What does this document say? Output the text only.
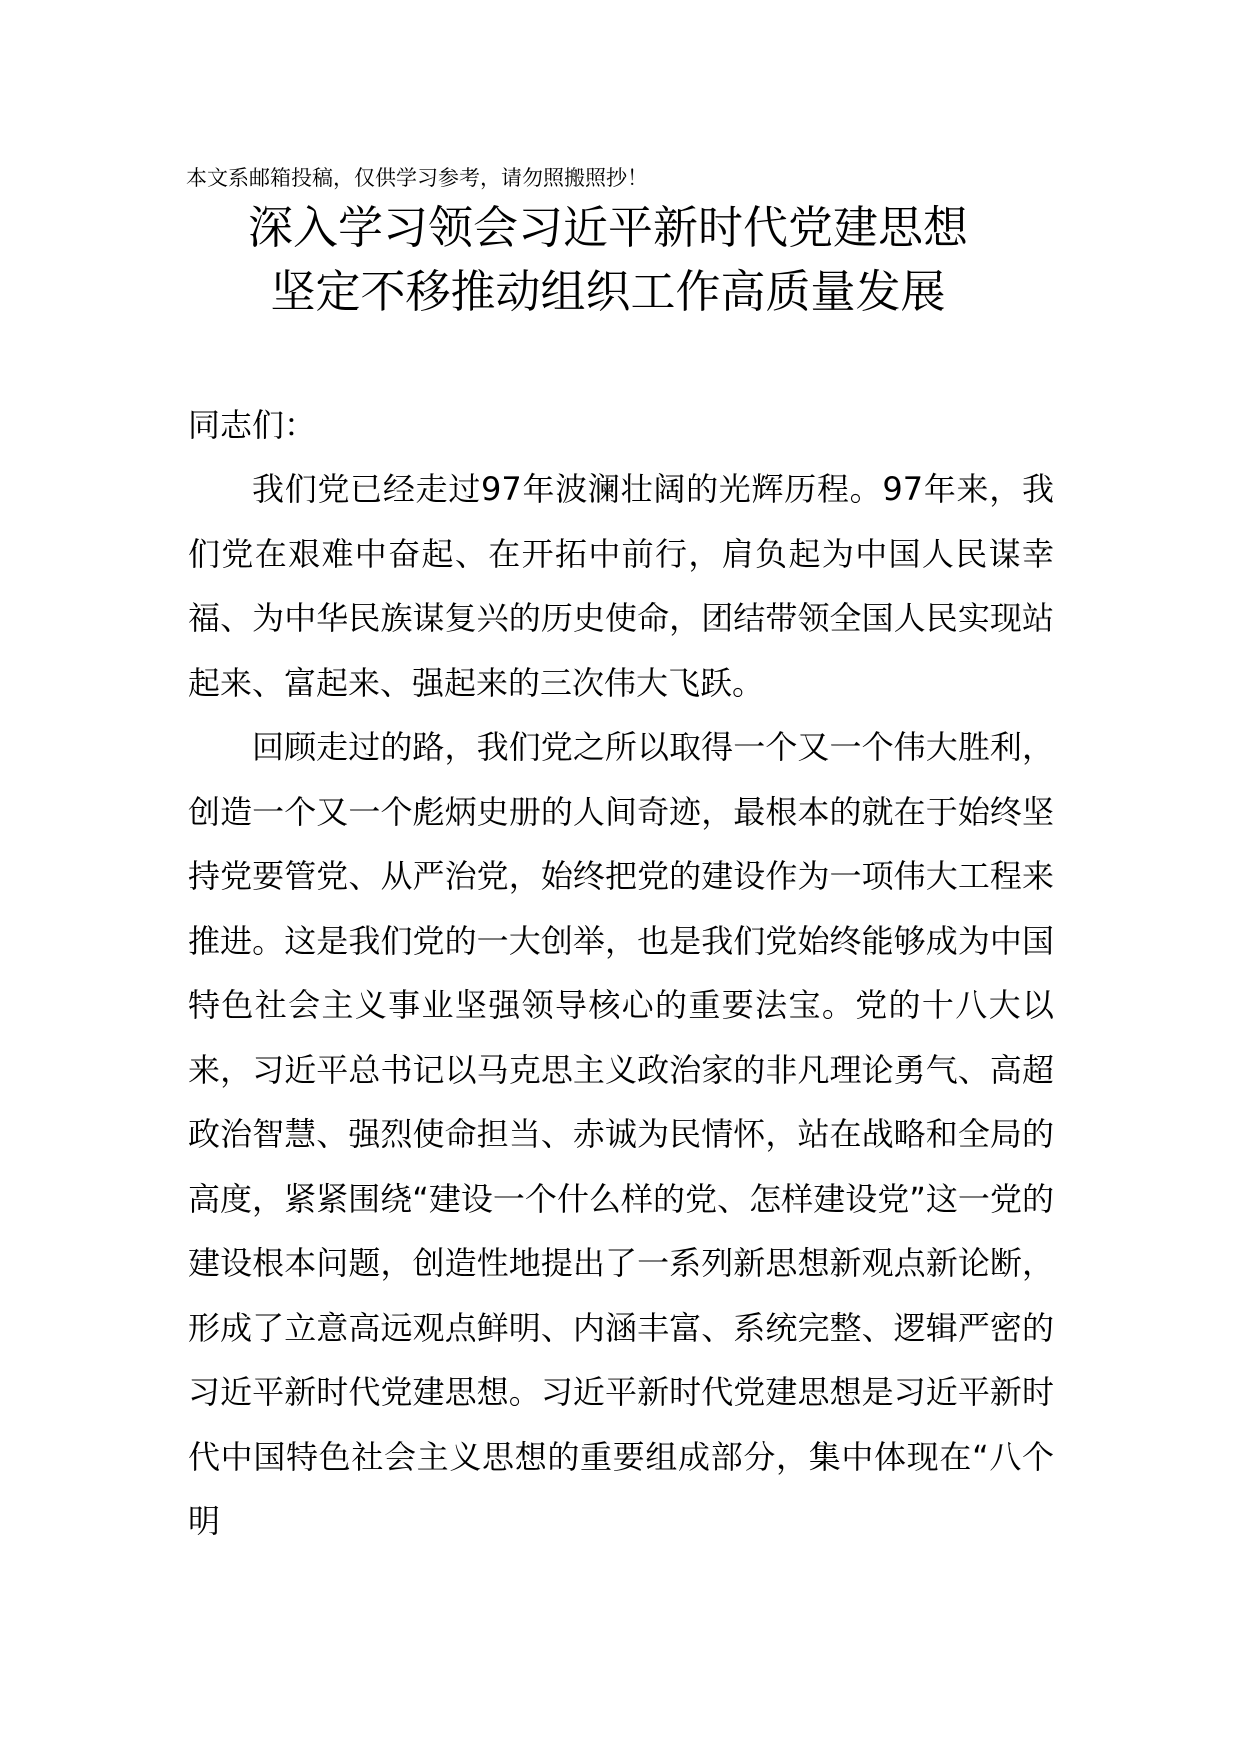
本文系邮箱投稿，仅供学习参考，请勿照搬照抄！
深入学习领会习近平新时代党建思想
坚定不移推动组织工作高质量发展
同志们：

我们党已经走过97年波澜壮阔的光辉历程。97年来，我们党在艰难中奋起、在开拓中前行，肩负起为中国人民谋幸福、为中华民族谋复兴的历史使命，团结带领全国人民实现站起来、富起来、强起来的三次伟大飞跃。

回顾走过的路，我们党之所以取得一个又一个伟大胜利，创造一个又一个彪炳史册的人间奇迹，最根本的就在于始终坚持党要管党、从严治党，始终把党的建设作为一项伟大工程来推进。这是我们党的一大创举，也是我们党始终能够成为中国特色社会主义事业坚强领导核心的重要法宝。党的十八大以来，习近平总书记以马克思主义政治家的非凡理论勇气、高超政治智慧、强烈使命担当、赤诚为民情怀，站在战略和全局的高度，紧紧围绕“建设一个什么样的党、怎样建设党”这一党的建设根本问题，创造性地提出了一系列新思想新观点新论断，形成了立意高远观点鲜明、内涵丰富、系统完整、逻辑严密的习近平新时代党建思想。习近平新时代党建思想是习近平新时代中国特色社会主义思想的重要组成部分，集中体现在“八个明
